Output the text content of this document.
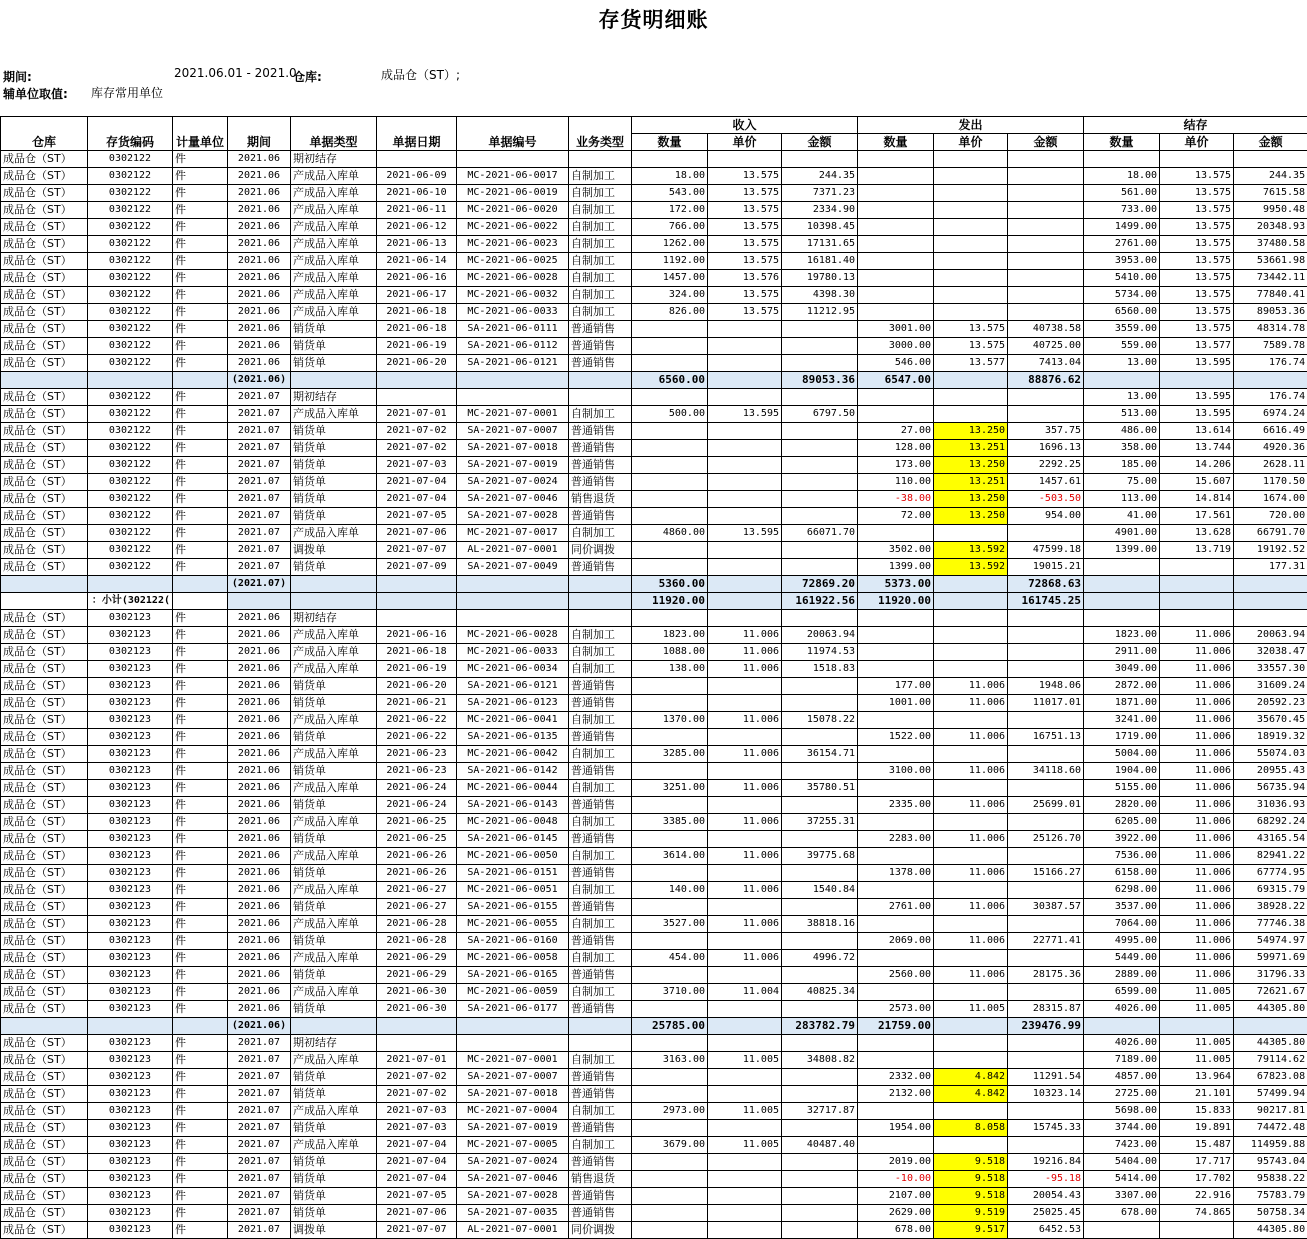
存货明细账
期间:	2021.06.01 - 2021.0
仓库:	成品仓（ST）;
辅单位取值: 库存常用单位
仓库	存货编码	计量单位	期间	单据类型	单据日期	单据编号	业务类型	收入			发出			结存		
								数量	单价	金额	数量	单价	金额	数量	单价	金额
成品仓（ST）	0302122	件	2021.06	期初结存												
成品仓（ST）	0302122	件	2021.06	产成品入库单	2021-06-09	MC-2021-06-0017	自制加工	18.00	13.575	244.35				18.00	13.575	244.35
成品仓（ST）	0302122	件	2021.06	产成品入库单	2021-06-10	MC-2021-06-0019	自制加工	543.00	13.575	7371.23				561.00	13.575	7615.58
成品仓（ST）	0302122	件	2021.06	产成品入库单	2021-06-11	MC-2021-06-0020	自制加工	172.00	13.575	2334.90				733.00	13.575	9950.48
成品仓（ST）	0302122	件	2021.06	产成品入库单	2021-06-12	MC-2021-06-0022	自制加工	766.00	13.575	10398.45				1499.00	13.575	20348.93
成品仓（ST）	0302122	件	2021.06	产成品入库单	2021-06-13	MC-2021-06-0023	自制加工	1262.00	13.575	17131.65				2761.00	13.575	37480.58
成品仓（ST）	0302122	件	2021.06	产成品入库单	2021-06-14	MC-2021-06-0025	自制加工	1192.00	13.575	16181.40				3953.00	13.575	53661.98
成品仓（ST）	0302122	件	2021.06	产成品入库单	2021-06-16	MC-2021-06-0028	自制加工	1457.00	13.576	19780.13				5410.00	13.575	73442.11
成品仓（ST）	0302122	件	2021.06	产成品入库单	2021-06-17	MC-2021-06-0032	自制加工	324.00	13.575	4398.30				5734.00	13.575	77840.41
成品仓（ST）	0302122	件	2021.06	产成品入库单	2021-06-18	MC-2021-06-0033	自制加工	826.00	13.575	11212.95				6560.00	13.575	89053.36
成品仓（ST）	0302122	件	2021.06	销货单	2021-06-18	SA-2021-06-0111	普通销售				3001.00	13.575	40738.58	3559.00	13.575	48314.78
成品仓（ST）	0302122	件	2021.06	销货单	2021-06-19	SA-2021-06-0112	普通销售				3000.00	13.575	40725.00	559.00	13.577	7589.78
成品仓（ST）	0302122	件	2021.06	销货单	2021-06-20	SA-2021-06-0121	普通销售				546.00	13.577	7413.04	13.00	13.595	176.74
			(2021.06)					6560.00		89053.36	6547.00		88876.62			
成品仓（ST）	0302122	件	2021.07	期初结存										13.00	13.595	176.74
成品仓（ST）	0302122	件	2021.07	产成品入库单	2021-07-01	MC-2021-07-0001	自制加工	500.00	13.595	6797.50				513.00	13.595	6974.24
成品仓（ST）	0302122	件	2021.07	销货单	2021-07-02	SA-2021-07-0007	普通销售				27.00	13.250	357.75	486.00	13.614	6616.49
成品仓（ST）	0302122	件	2021.07	销货单	2021-07-02	SA-2021-07-0018	普通销售				128.00	13.251	1696.13	358.00	13.744	4920.36
成品仓（ST）	0302122	件	2021.07	销货单	2021-07-03	SA-2021-07-0019	普通销售				173.00	13.250	2292.25	185.00	14.206	2628.11
成品仓（ST）	0302122	件	2021.07	销货单	2021-07-04	SA-2021-07-0024	普通销售				110.00	13.251	1457.61	75.00	15.607	1170.50
成品仓（ST）	0302122	件	2021.07	销货单	2021-07-04	SA-2021-07-0046	销售退货				-38.00	13.250	-503.50	113.00	14.814	1674.00
成品仓（ST）	0302122	件	2021.07	销货单	2021-07-05	SA-2021-07-0028	普通销售				72.00	13.250	954.00	41.00	17.561	720.00
成品仓（ST）	0302122	件	2021.07	产成品入库单	2021-07-06	MC-2021-07-0017	自制加工	4860.00	13.595	66071.70				4901.00	13.628	66791.70
成品仓（ST）	0302122	件	2021.07	调拨单	2021-07-07	AL-2021-07-0001	同价调拨				3502.00	13.592	47599.18	1399.00	13.719	19192.52
成品仓（ST）	0302122	件	2021.07	销货单	2021-07-09	SA-2021-07-0049	普通销售				1399.00	13.592	19015.21			177.31
			(2021.07)					5360.00		72869.20	5373.00		72868.63			
	)302122)小计：							11920.00		161922.56	11920.00		161745.25			
成品仓（ST）	0302123	件	2021.06	期初结存												
成品仓（ST）	0302123	件	2021.06	产成品入库单	2021-06-16	MC-2021-06-0028	自制加工	1823.00	11.006	20063.94				1823.00	11.006	20063.94
成品仓（ST）	0302123	件	2021.06	产成品入库单	2021-06-18	MC-2021-06-0033	自制加工	1088.00	11.006	11974.53				2911.00	11.006	32038.47
成品仓（ST）	0302123	件	2021.06	产成品入库单	2021-06-19	MC-2021-06-0034	自制加工	138.00	11.006	1518.83				3049.00	11.006	33557.30
成品仓（ST）	0302123	件	2021.06	销货单	2021-06-20	SA-2021-06-0121	普通销售				177.00	11.006	1948.06	2872.00	11.006	31609.24
成品仓（ST）	0302123	件	2021.06	销货单	2021-06-21	SA-2021-06-0123	普通销售				1001.00	11.006	11017.01	1871.00	11.006	20592.23
成品仓（ST）	0302123	件	2021.06	产成品入库单	2021-06-22	MC-2021-06-0041	自制加工	1370.00	11.006	15078.22				3241.00	11.006	35670.45
成品仓（ST）	0302123	件	2021.06	销货单	2021-06-22	SA-2021-06-0135	普通销售				1522.00	11.006	16751.13	1719.00	11.006	18919.32
成品仓（ST）	0302123	件	2021.06	产成品入库单	2021-06-23	MC-2021-06-0042	自制加工	3285.00	11.006	36154.71				5004.00	11.006	55074.03
成品仓（ST）	0302123	件	2021.06	销货单	2021-06-23	SA-2021-06-0142	普通销售				3100.00	11.006	34118.60	1904.00	11.006	20955.43
成品仓（ST）	0302123	件	2021.06	产成品入库单	2021-06-24	MC-2021-06-0044	自制加工	3251.00	11.006	35780.51				5155.00	11.006	56735.94
成品仓（ST）	0302123	件	2021.06	销货单	2021-06-24	SA-2021-06-0143	普通销售				2335.00	11.006	25699.01	2820.00	11.006	31036.93
成品仓（ST）	0302123	件	2021.06	产成品入库单	2021-06-25	MC-2021-06-0048	自制加工	3385.00	11.006	37255.31				6205.00	11.006	68292.24
成品仓（ST）	0302123	件	2021.06	销货单	2021-06-25	SA-2021-06-0145	普通销售				2283.00	11.006	25126.70	3922.00	11.006	43165.54
成品仓（ST）	0302123	件	2021.06	产成品入库单	2021-06-26	MC-2021-06-0050	自制加工	3614.00	11.006	39775.68				7536.00	11.006	82941.22
成品仓（ST）	0302123	件	2021.06	销货单	2021-06-26	SA-2021-06-0151	普通销售				1378.00	11.006	15166.27	6158.00	11.006	67774.95
成品仓（ST）	0302123	件	2021.06	产成品入库单	2021-06-27	MC-2021-06-0051	自制加工	140.00	11.006	1540.84				6298.00	11.006	69315.79
成品仓（ST）	0302123	件	2021.06	销货单	2021-06-27	SA-2021-06-0155	普通销售				2761.00	11.006	30387.57	3537.00	11.006	38928.22
成品仓（ST）	0302123	件	2021.06	产成品入库单	2021-06-28	MC-2021-06-0055	自制加工	3527.00	11.006	38818.16				7064.00	11.006	77746.38
成品仓（ST）	0302123	件	2021.06	销货单	2021-06-28	SA-2021-06-0160	普通销售				2069.00	11.006	22771.41	4995.00	11.006	54974.97
成品仓（ST）	0302123	件	2021.06	产成品入库单	2021-06-29	MC-2021-06-0058	自制加工	454.00	11.006	4996.72				5449.00	11.006	59971.69
成品仓（ST）	0302123	件	2021.06	销货单	2021-06-29	SA-2021-06-0165	普通销售				2560.00	11.006	28175.36	2889.00	11.006	31796.33
成品仓（ST）	0302123	件	2021.06	产成品入库单	2021-06-30	MC-2021-06-0059	自制加工	3710.00	11.004	40825.34				6599.00	11.005	72621.67
成品仓（ST）	0302123	件	2021.06	销货单	2021-06-30	SA-2021-06-0177	普通销售				2573.00	11.005	28315.87	4026.00	11.005	44305.80
			(2021.06)					25785.00		283782.79	21759.00		239476.99			
成品仓（ST）	0302123	件	2021.07	期初结存										4026.00	11.005	44305.80
成品仓（ST）	0302123	件	2021.07	产成品入库单	2021-07-01	MC-2021-07-0001	自制加工	3163.00	11.005	34808.82				7189.00	11.005	79114.62
成品仓（ST）	0302123	件	2021.07	销货单	2021-07-02	SA-2021-07-0007	普通销售				2332.00	4.842	11291.54	4857.00	13.964	67823.08
成品仓（ST）	0302123	件	2021.07	销货单	2021-07-02	SA-2021-07-0018	普通销售				2132.00	4.842	10323.14	2725.00	21.101	57499.94
成品仓（ST）	0302123	件	2021.07	产成品入库单	2021-07-03	MC-2021-07-0004	自制加工	2973.00	11.005	32717.87				5698.00	15.833	90217.81
成品仓（ST）	0302123	件	2021.07	销货单	2021-07-03	SA-2021-07-0019	普通销售				1954.00	8.058	15745.33	3744.00	19.891	74472.48
成品仓（ST）	0302123	件	2021.07	产成品入库单	2021-07-04	MC-2021-07-0005	自制加工	3679.00	11.005	40487.40				7423.00	15.487	114959.88
成品仓（ST）	0302123	件	2021.07	销货单	2021-07-04	SA-2021-07-0024	普通销售				2019.00	9.518	19216.84	5404.00	17.717	95743.04
成品仓（ST）	0302123	件	2021.07	销货单	2021-07-04	SA-2021-07-0046	销售退货				-10.00	9.518	-95.18	5414.00	17.702	95838.22
成品仓（ST）	0302123	件	2021.07	销货单	2021-07-05	SA-2021-07-0028	普通销售				2107.00	9.518	20054.43	3307.00	22.916	75783.79
成品仓（ST）	0302123	件	2021.07	销货单	2021-07-06	SA-2021-07-0035	普通销售				2629.00	9.519	25025.45	678.00	74.865	50758.34
成品仓（ST）	0302123	件	2021.07	调拨单	2021-07-07	AL-2021-07-0001	同价调拨				678.00	9.517	6452.53			44305.80
